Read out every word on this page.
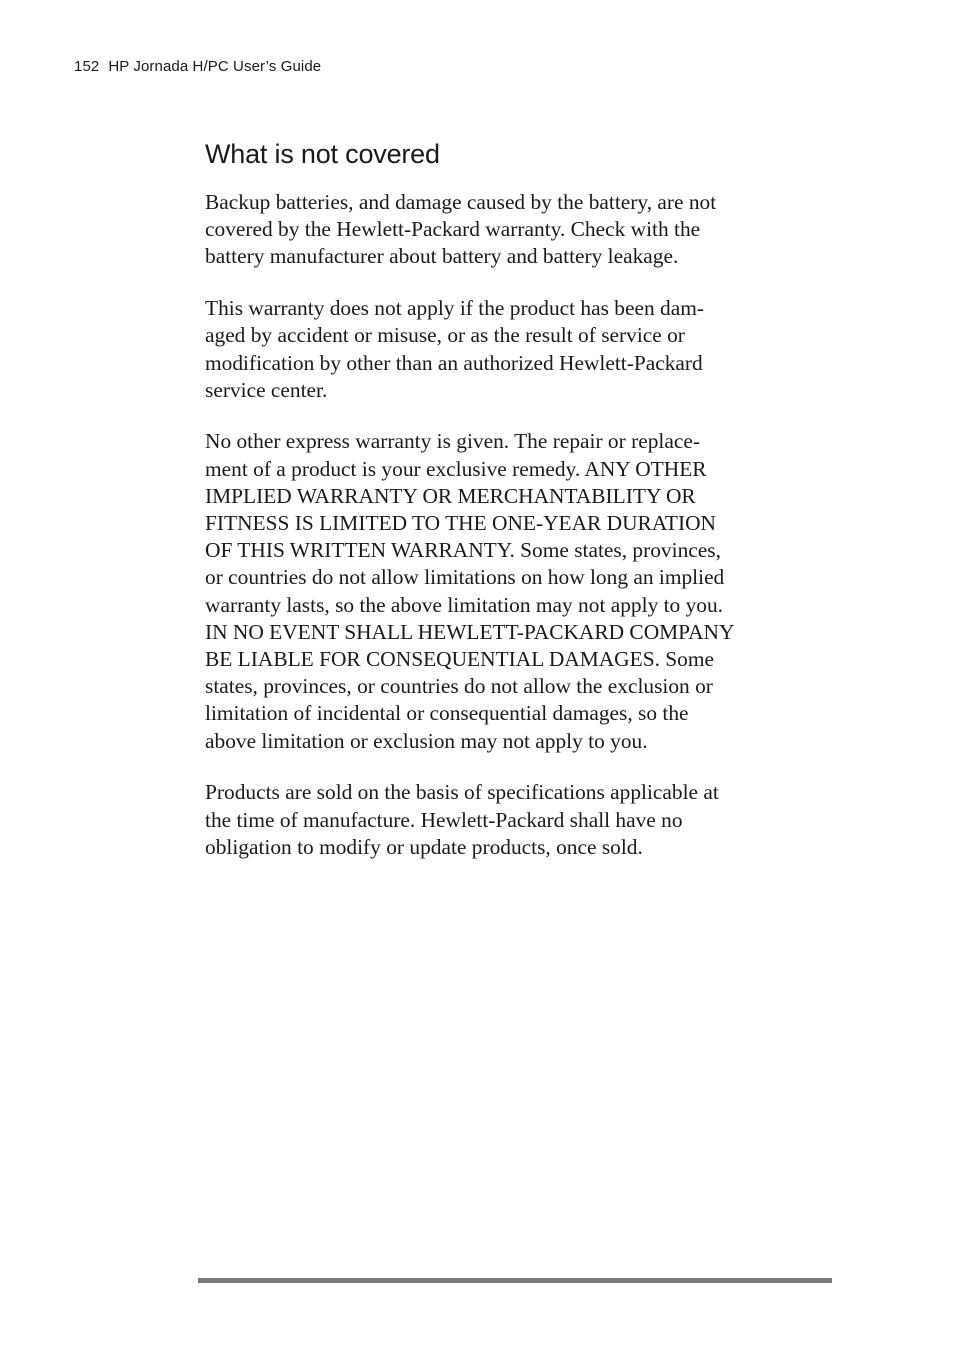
152 HP Jornada H/PC User’s Guide
What is not covered

Backup batteries, and damage caused by the battery, are not
covered by the Hewlett-Packard warranty. Check with the
battery manufacturer about battery and battery leakage.

This warranty does not apply if the product has been dam-
aged by accident or misuse, or as the result of service or
modification by other than an authorized Hewlett-Packard
service center.

No other express warranty is given. The repair or replace-
ment of a product is your exclusive remedy. ANY OTHER
IMPLIED WARRANTY OR MERCHANTABILITY OR
FITNESS IS LIMITED TO THE ONE-YEAR DURATION
OF THIS WRITTEN WARRANTY. Some states, provinces,
or countries do not allow limitations on how long an implied
warranty lasts, so the above limitation may not apply to you.
IN NO EVENT SHALL HEWLETT-PACKARD COMPANY
BE LIABLE FOR CONSEQUENTIAL DAMAGES. Some
states, provinces, or countries do not allow the exclusion or
limitation of incidental or consequential damages, so the
above limitation or exclusion may not apply to you.

Products are sold on the basis of specifications applicable at
the time of manufacture. Hewlett-Packard shall have no
obligation to modify or update products, once sold.
